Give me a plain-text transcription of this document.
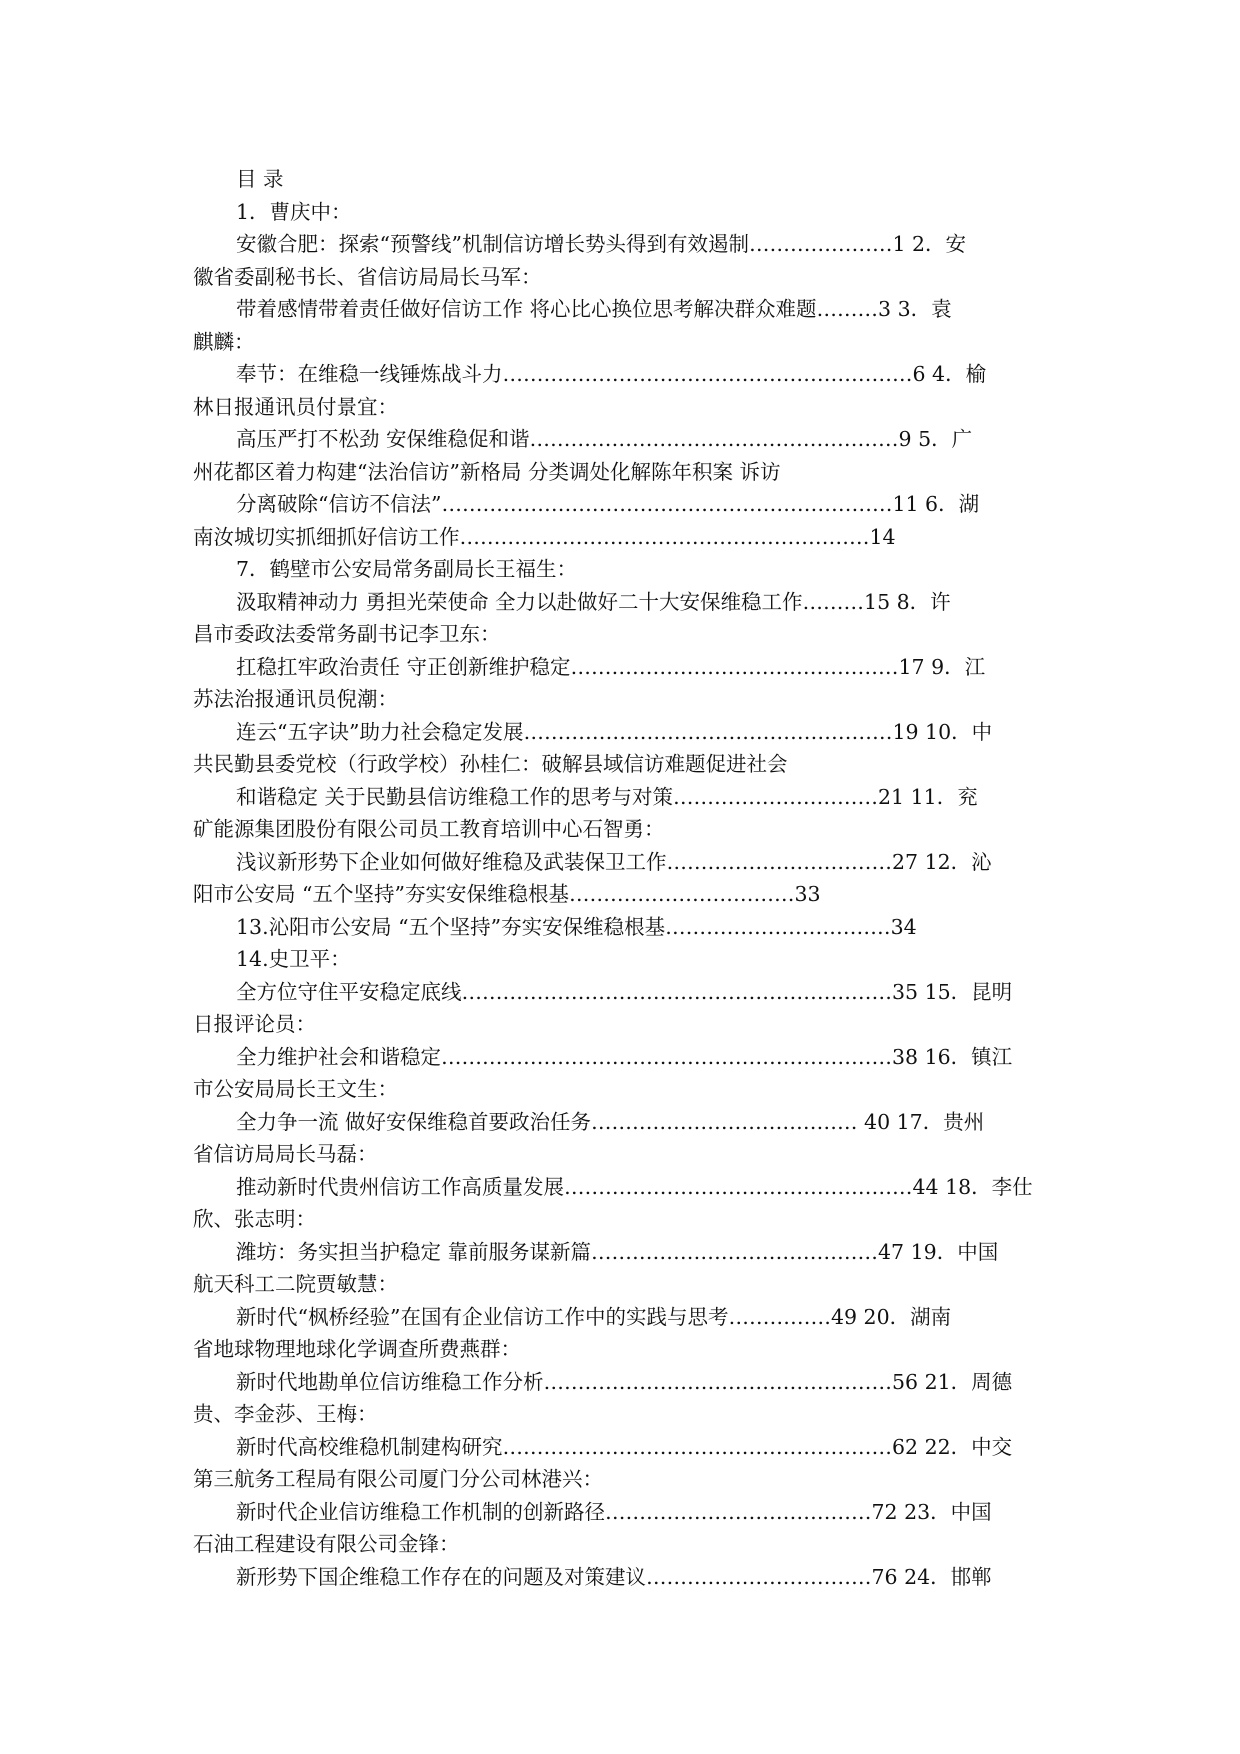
目 录
1．曹庆中：
安徽合肥：探索“预警线”机制信访增长势头得到有效遏制…………………1 2．安
徽省委副秘书长、省信访局局长马军：
带着感情带着责任做好信访工作 将心比心换位思考解决群众难题………3 3．袁
麒麟：
奉节：在维稳一线锤炼战斗力……………………………………………………6 4．榆
林日报通讯员付景宜：
高压严打不松劲 安保维稳促和谐………………………………………………9 5．广
州花都区着力构建“法治信访”新格局 分类调处化解陈年积案 诉访
分离破除“信访不信法”…………………………………………………………11 6．湖
南汝城切实抓细抓好信访工作……………………………………………………14
7．鹤壁市公安局常务副局长王福生：
汲取精神动力 勇担光荣使命 全力以赴做好二十大安保维稳工作………15 8．许
昌市委政法委常务副书记李卫东：
扛稳扛牢政治责任 守正创新维护稳定…………………………………………17 9．江
苏法治报通讯员倪潮：
连云“五字诀”助力社会稳定发展………………………………………………19 10．中
共民勤县委党校（行政学校）孙桂仁：破解县域信访难题促进社会
和谐稳定 关于民勤县信访维稳工作的思考与对策…………………………21 11．兖
矿能源集团股份有限公司员工教育培训中心石智勇：
浅议新形势下企业如何做好维稳及武装保卫工作……………………………27 12．沁
阳市公安局 “五个坚持”夯实安保维稳根基……………………………33
13.沁阳市公安局 “五个坚持”夯实安保维稳根基……………………………34
14.史卫平：
全方位守住平安稳定底线………………………………………………………35 15．昆明
日报评论员：
全力维护社会和谐稳定…………………………………………………………38 16．镇江
市公安局局长王文生：
全力争一流 做好安保维稳首要政治任务………………………………… 40 17．贵州
省信访局局长马磊：
推动新时代贵州信访工作高质量发展……………………………………………44 18．李仕
欣、张志明：
潍坊：务实担当护稳定 靠前服务谋新篇……………………………………47 19．中国
航天科工二院贾敏慧：
新时代“枫桥经验”在国有企业信访工作中的实践与思考……………49 20．湖南
省地球物理地球化学调查所费燕群：
新时代地勘单位信访维稳工作分析……………………………………………56 21．周德
贵、李金莎、王梅：
新时代高校维稳机制建构研究…………………………………………………62 22．中交
第三航务工程局有限公司厦门分公司林港兴：
新时代企业信访维稳工作机制的创新路径…………………………………72 23．中国
石油工程建设有限公司金锋：
新形势下国企维稳工作存在的问题及对策建议……………………………76 24．邯郸
